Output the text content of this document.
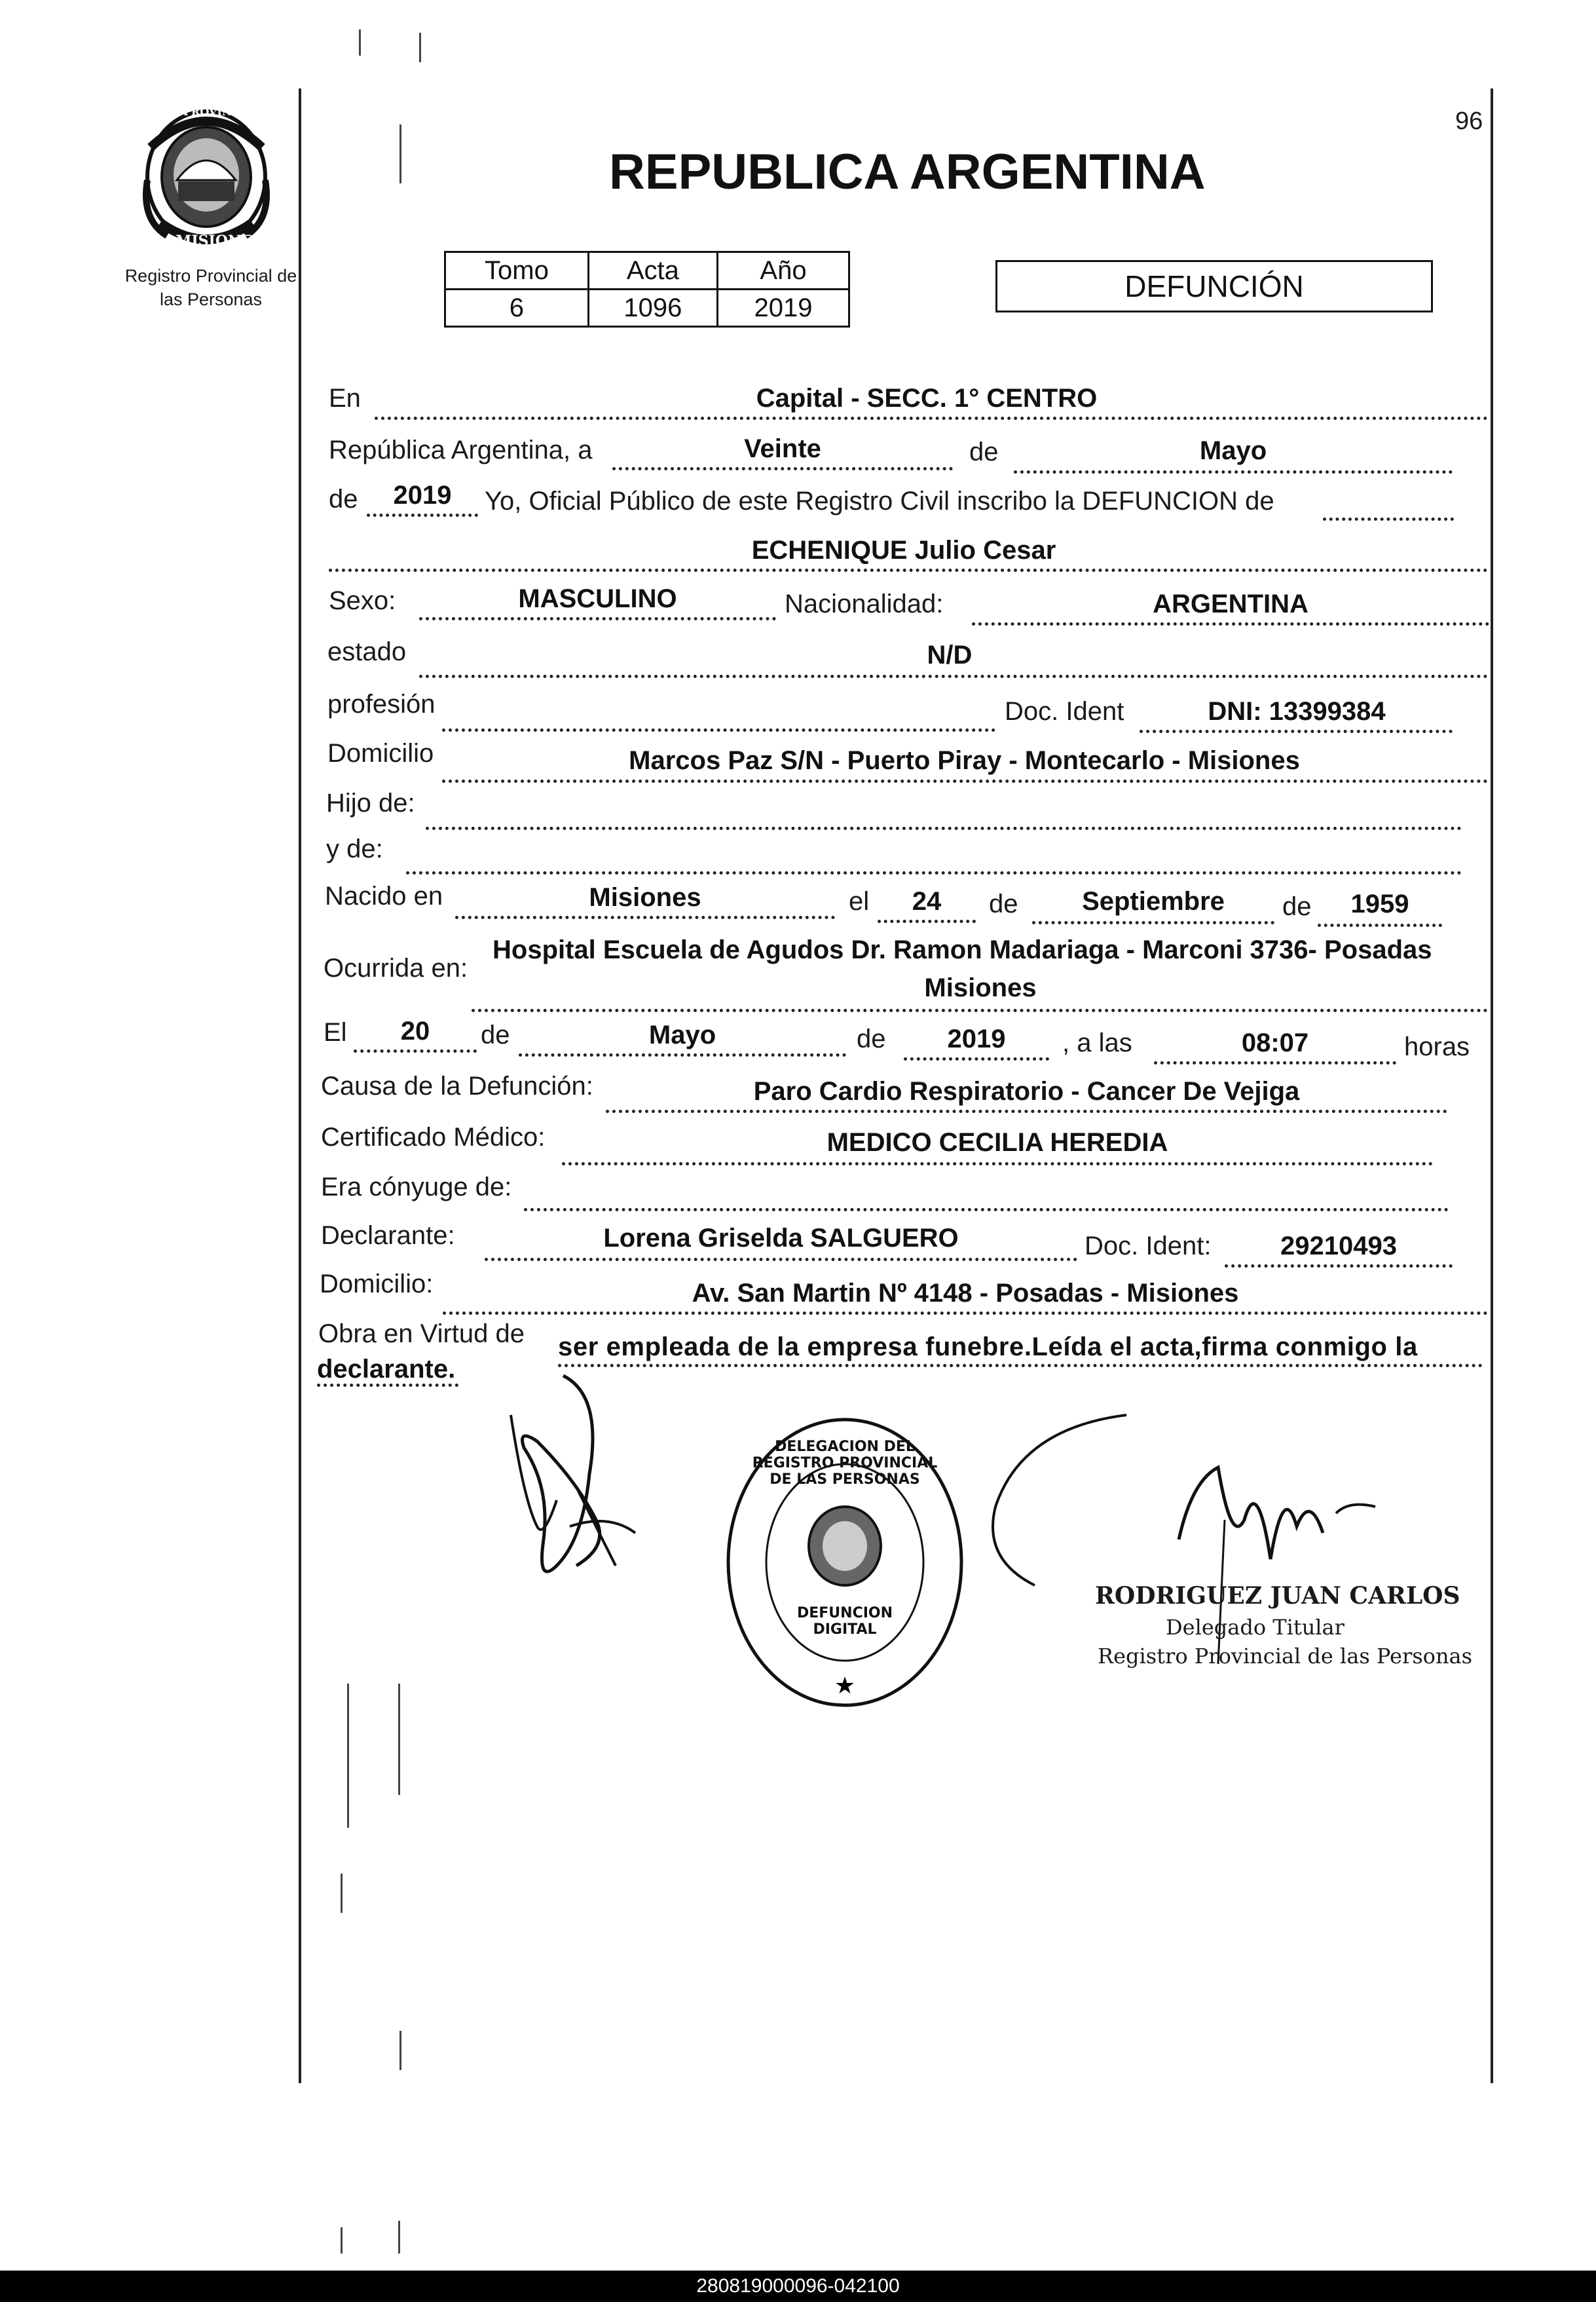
96
PROVINCIA DE
MISIONES
Registro Provincial de
las Personas
REPUBLICA ARGENTINA
Tomo	Acta	Año
6	1096	2019
DEFUNCIÓN
En	Capital - SECC. 1° CENTRO
República Argentina, a	Veinte	de	Mayo
de	2019	Yo, Oficial Público de este Registro Civil inscribo la DEFUNCION de
ECHENIQUE Julio Cesar
Sexo:	MASCULINO	Nacionalidad:	ARGENTINA
estado	N/D
profesión	Doc. Ident	DNI: 13399384
Domicilio	Marcos Paz S/N - Puerto Piray - Montecarlo - Misiones
Hijo de:
y de:
Nacido en	Misiones	el	24	de	Septiembre	de	1959
Ocurrida en:
Hospital Escuela de Agudos Dr. Ramon Madariaga - Marconi 3736- Posadas
Misiones
El	20	de	Mayo	de	2019	, a las	08:07	horas
Causa de la Defunción:	Paro Cardio Respiratorio - Cancer De Vejiga
Certificado Médico:	MEDICO CECILIA HEREDIA
Era cónyuge de:
Declarante:	Lorena Griselda SALGUERO	Doc. Ident:	29210493
Domicilio:	Av. San Martin Nº 4148 - Posadas - Misiones
Obra en Virtud de ser empleada de la empresa funebre.Leída el acta,firma conmigo la
declarante.
★
DELEGACION DEL REGISTRO PROVINCIAL DE LAS PERSONAS
DEFUNCION DIGITAL
RODRIGUEZ JUAN CARLOS
Delegado Titular
Registro Provincial de las Personas
280819000096-042100
